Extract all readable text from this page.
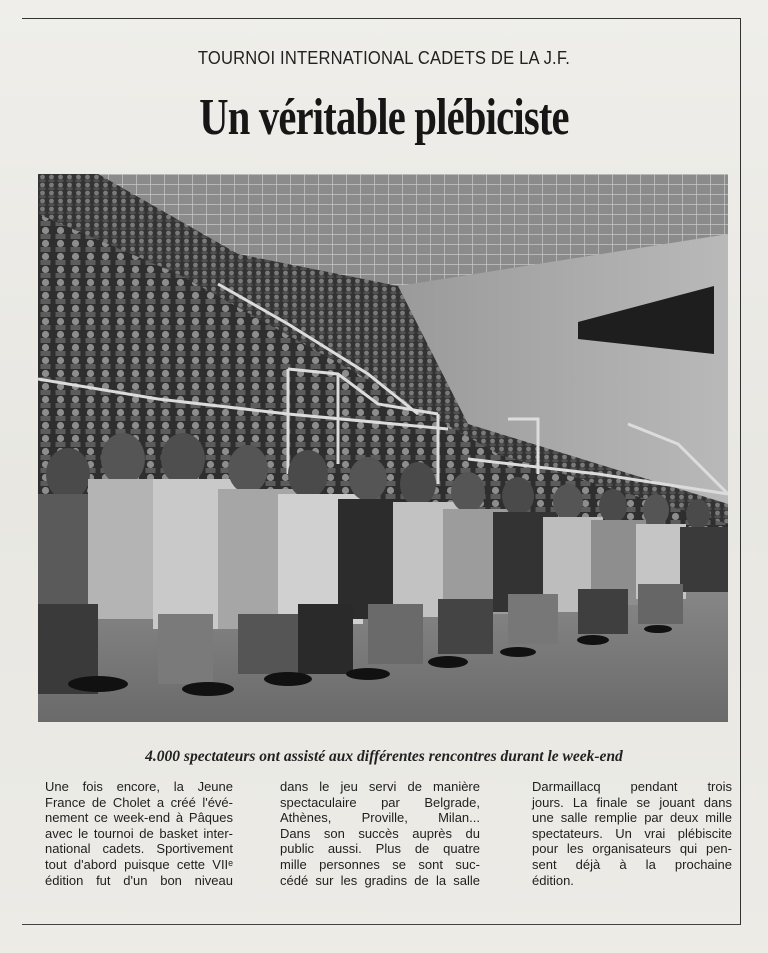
TOURNOI INTERNATIONAL CADETS DE LA J.F.
Un véritable plébiciste
4.000 spectateurs ont assisté aux différentes rencontres durant le week-end
Une fois encore, la Jeune
France de Cholet a créé l'évé-
nement ce week-end à Pâques
avec le tournoi de basket inter-
national cadets. Sportivement
tout d'abord puisque cette VIIᵉ
édition fut d'un bon niveau
dans le jeu servi de manière
spectaculaire par Belgrade,
Athènes, Proville, Milan...
Dans son succès auprès du
public aussi. Plus de quatre
mille personnes se sont suc-
cédé sur les gradins de la salle
Darmaillacq pendant trois
jours. La finale se jouant dans
une salle remplie par deux mille
spectateurs. Un vrai plébiscite
pour les organisateurs qui pen-
sent déjà à la prochaine
édition.
